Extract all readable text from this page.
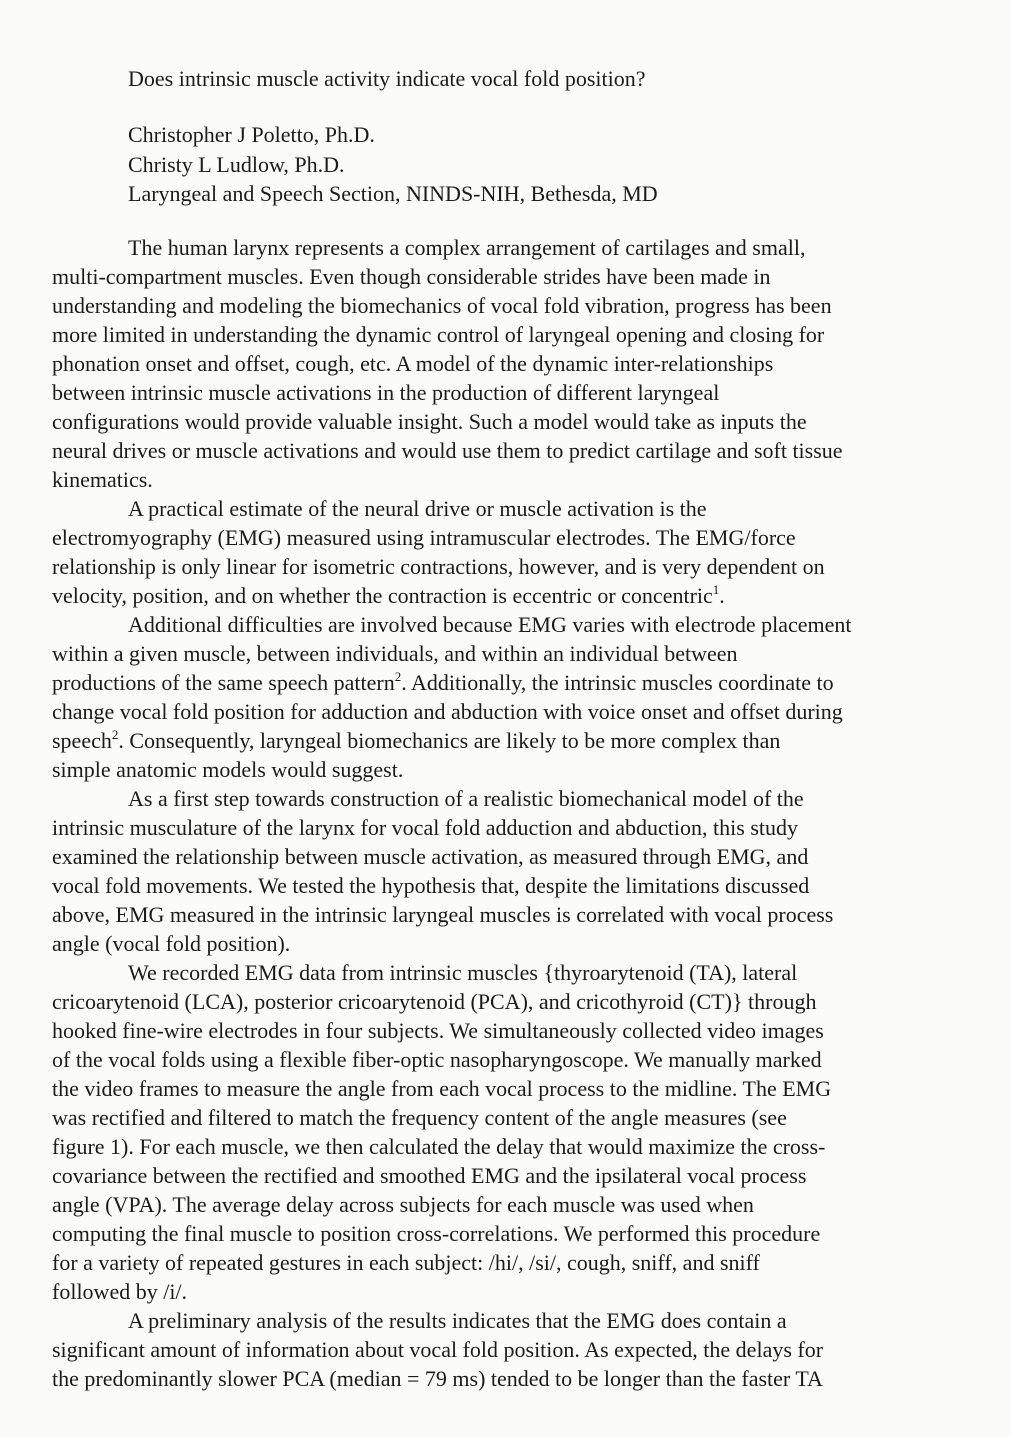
Does intrinsic muscle activity indicate vocal fold position?
Christopher J Poletto, Ph.D.
Christy L Ludlow, Ph.D.
Laryngeal and Speech Section, NINDS-NIH, Bethesda, MD
The human larynx represents a complex arrangement of cartilages and small,
multi-compartment muscles. Even though considerable strides have been made in
understanding and modeling the biomechanics of vocal fold vibration, progress has been
more limited in understanding the dynamic control of laryngeal opening and closing for
phonation onset and offset, cough, etc. A model of the dynamic inter-relationships
between intrinsic muscle activations in the production of different laryngeal
configurations would provide valuable insight. Such a model would take as inputs the
neural drives or muscle activations and would use them to predict cartilage and soft tissue
kinematics.
A practical estimate of the neural drive or muscle activation is the
electromyography (EMG) measured using intramuscular electrodes. The EMG/force
relationship is only linear for isometric contractions, however, and is very dependent on
velocity, position, and on whether the contraction is eccentric or concentric$^1$.
Additional difficulties are involved because EMG varies with electrode placement
within a given muscle, between individuals, and within an individual between
productions of the same speech pattern$^2$. Additionally, the intrinsic muscles coordinate to
change vocal fold position for adduction and abduction with voice onset and offset during
speech$^2$. Consequently, laryngeal biomechanics are likely to be more complex than
simple anatomic models would suggest.
As a first step towards construction of a realistic biomechanical model of the
intrinsic musculature of the larynx for vocal fold adduction and abduction, this study
examined the relationship between muscle activation, as measured through EMG, and
vocal fold movements. We tested the hypothesis that, despite the limitations discussed
above, EMG measured in the intrinsic laryngeal muscles is correlated with vocal process
angle (vocal fold position).
We recorded EMG data from intrinsic muscles {thyroarytenoid (TA), lateral
cricoarytenoid (LCA), posterior cricoarytenoid (PCA), and cricothyroid (CT)} through
hooked fine-wire electrodes in four subjects. We simultaneously collected video images
of the vocal folds using a flexible fiber-optic nasopharyngoscope. We manually marked
the video frames to measure the angle from each vocal process to the midline. The EMG
was rectified and filtered to match the frequency content of the angle measures (see
figure 1). For each muscle, we then calculated the delay that would maximize the cross-
covariance between the rectified and smoothed EMG and the ipsilateral vocal process
angle (VPA). The average delay across subjects for each muscle was used when
computing the final muscle to position cross-correlations. We performed this procedure
for a variety of repeated gestures in each subject: /hi/, /si/, cough, sniff, and sniff
followed by /i/.
A preliminary analysis of the results indicates that the EMG does contain a
significant amount of information about vocal fold position. As expected, the delays for
the predominantly slower PCA (median = 79 ms) tended to be longer than the faster TA
